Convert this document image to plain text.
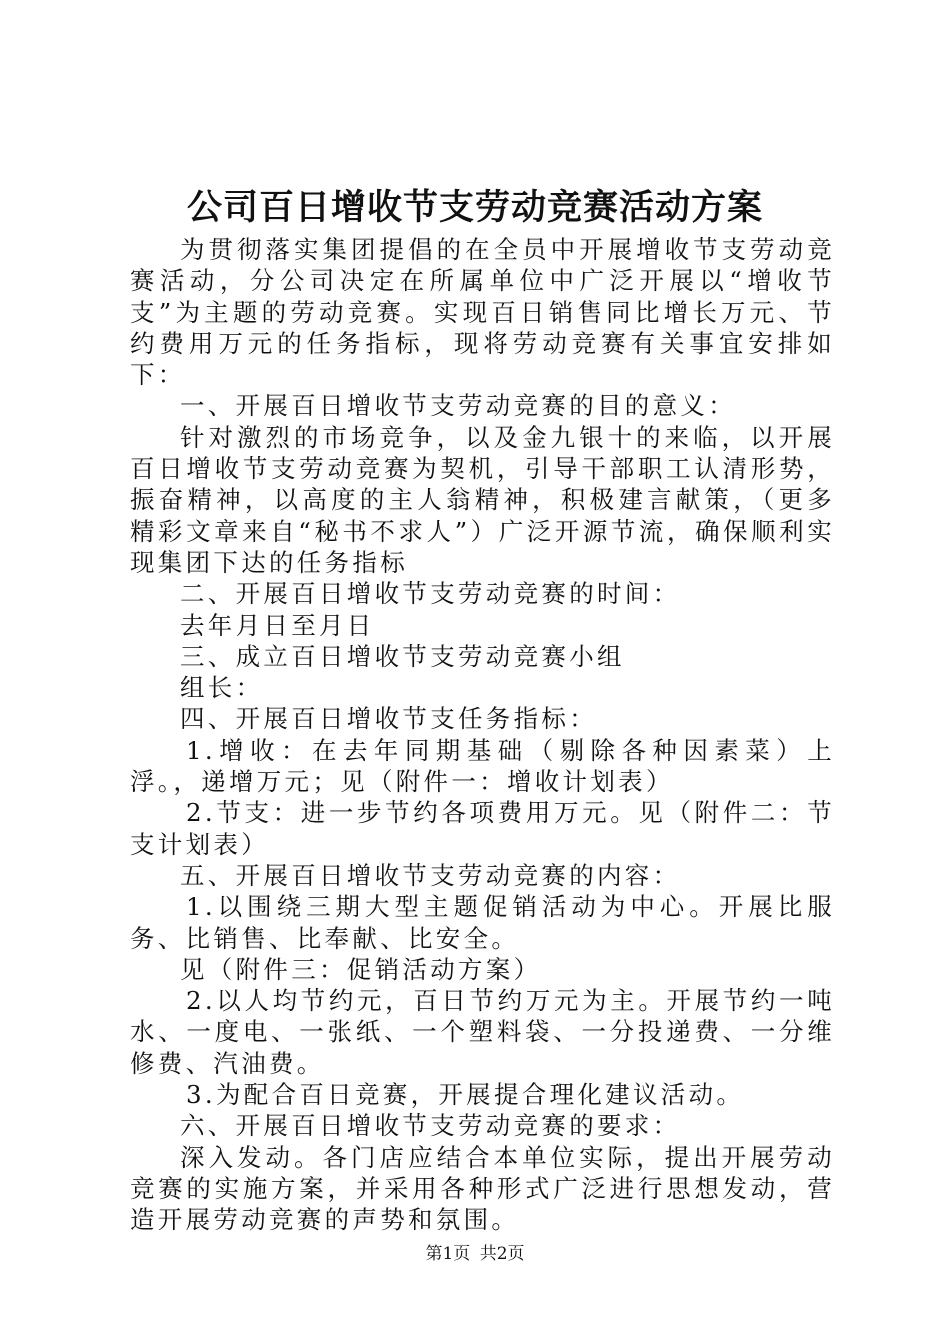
公司百日增收节支劳动竞赛活动方案

为贯彻落实集团提倡的在全员中开展增收节支劳动竞赛活动，分公司决定在所属单位中广泛开展以“增收节支”为主题的劳动竞赛。实现百日销售同比增长万元、节约费用万元的任务指标，现将劳动竞赛有关事宜安排如下：

一、开展百日增收节支劳动竞赛的目的意义：

针对激烈的市场竞争，以及金九银十的来临，以开展百日增收节支劳动竞赛为契机，引导干部职工认清形势，振奋精神，以高度的主人翁精神，积极建言献策，（更多精彩文章来自“秘书不求人”）广泛开源节流，确保顺利实现集团下达的任务指标

二、开展百日增收节支劳动竞赛的时间：

去年月日至月日

三、成立百日增收节支劳动竞赛小组

组长：

四、开展百日增收节支任务指标：

1.增收：在去年同期基础（剔除各种因素菜）上浮。，递增万元；见（附件一：增收计划表）

2.节支：进一步节约各项费用万元。见（附件二：节支计划表）

五、开展百日增收节支劳动竞赛的内容：

1.以围绕三期大型主题促销活动为中心。开展比服务、比销售、比奉献、比安全。

见（附件三：促销活动方案）

2.以人均节约元，百日节约万元为主。开展节约一吨水、一度电、一张纸、一个塑料袋、一分投递费、一分维修费、汽油费。

3.为配合百日竞赛，开展提合理化建议活动。

六、开展百日增收节支劳动竞赛的要求：

深入发动。各门店应结合本单位实际，提出开展劳动竞赛的实施方案，并采用各种形式广泛进行思想发动，营造开展劳动竞赛的声势和氛围。

第1页 共2页
